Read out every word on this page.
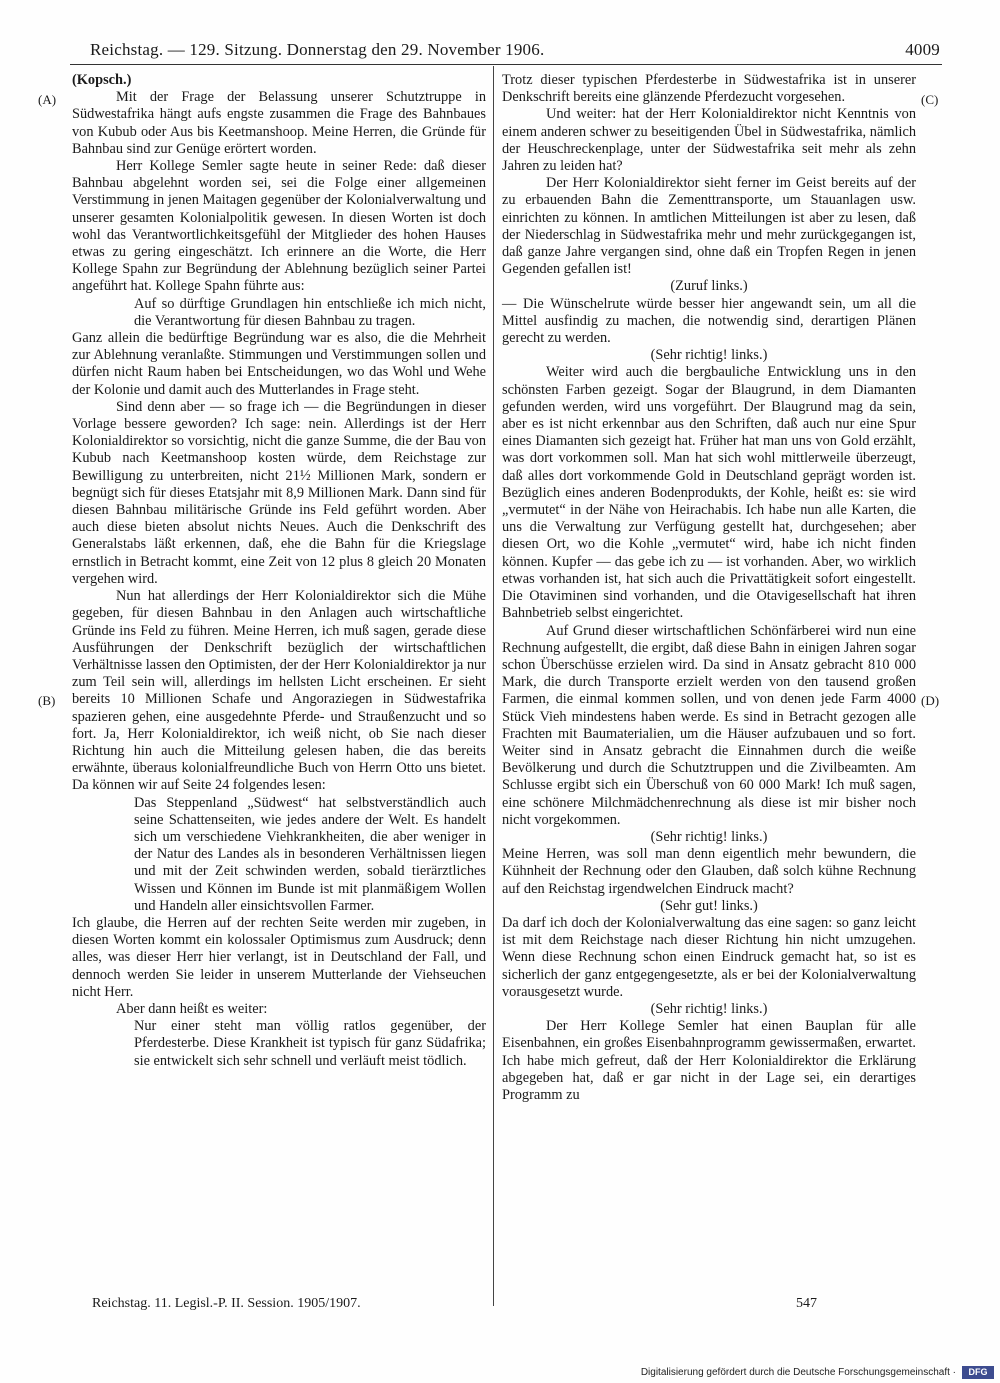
Reichstag. — 129. Sitzung. Donnerstag den 29. November 1906.	4009
(A)
(B)
(C)
(D)

(Kopsch.)

Mit der Frage der Belassung unserer Schutztruppe in Südwestafrika hängt aufs engste zusammen die Frage des Bahnbaues von Kubub oder Aus bis Keetmanshoop. Meine Herren, die Gründe für Bahnbau sind zur Genüge erörtert worden.

Herr Kollege Semler sagte heute in seiner Rede: daß dieser Bahnbau abgelehnt worden sei, sei die Folge einer allgemeinen Verstimmung in jenen Maitagen gegenüber der Kolonialverwaltung und unserer gesamten Kolonialpolitik gewesen. In diesen Worten ist doch wohl das Verantwortlichkeitsgefühl der Mitglieder des hohen Hauses etwas zu gering eingeschätzt. Ich erinnere an die Worte, die Herr Kollege Spahn zur Begründung der Ablehnung bezüglich seiner Partei angeführt hat. Kollege Spahn führte aus:

Auf so dürftige Grundlagen hin entschließe ich mich nicht, die Verantwortung für diesen Bahnbau zu tragen.

Ganz allein die bedürftige Begründung war es also, die die Mehrheit zur Ablehnung veranlaßte. Stimmungen und Verstimmungen sollen und dürfen nicht Raum haben bei Entscheidungen, wo das Wohl und Wehe der Kolonie und damit auch des Mutterlandes in Frage steht.

Sind denn aber — so frage ich — die Begründungen in dieser Vorlage bessere geworden? Ich sage: nein. Allerdings ist der Herr Kolonialdirektor so vorsichtig, nicht die ganze Summe, die der Bau von Kubub nach Keetmanshoop kosten würde, dem Reichstage zur Bewilligung zu unterbreiten, nicht 21½ Millionen Mark, sondern er begnügt sich für dieses Etatsjahr mit 8,9 Millionen Mark. Dann sind für diesen Bahnbau militärische Gründe ins Feld geführt worden. Aber auch diese bieten absolut nichts Neues. Auch die Denkschrift des Generalstabs läßt erkennen, daß, ehe die Bahn für die Kriegslage ernstlich in Betracht kommt, eine Zeit von 12 plus 8 gleich 20 Monaten vergehen wird.

Nun hat allerdings der Herr Kolonialdirektor sich die Mühe gegeben, für diesen Bahnbau in den Anlagen auch wirtschaftliche Gründe ins Feld zu führen. Meine Herren, ich muß sagen, gerade diese Ausführungen der Denkschrift bezüglich der wirtschaftlichen Verhältnisse lassen den Optimisten, der der Herr Kolonialdirektor ja nur zum Teil sein will, allerdings im hellsten Licht erscheinen. Er sieht bereits 10 Millionen Schafe und Angoraziegen in Südwestafrika spazieren gehen, eine ausgedehnte Pferde- und Straußenzucht und so fort. Ja, Herr Kolonialdirektor, ich weiß nicht, ob Sie nach dieser Richtung hin auch die Mitteilung gelesen haben, die das bereits erwähnte, überaus kolonialfreundliche Buch von Herrn Otto uns bietet. Da können wir auf Seite 24 folgendes lesen:

Das Steppenland „Südwest“ hat selbstverständlich auch seine Schattenseiten, wie jedes andere der Welt. Es handelt sich um verschiedene Viehkrankheiten, die aber weniger in der Natur des Landes als in besonderen Verhältnissen liegen und mit der Zeit schwinden werden, sobald tierärztliches Wissen und Können im Bunde ist mit planmäßigem Wollen und Handeln aller einsichtsvollen Farmer.

Ich glaube, die Herren auf der rechten Seite werden mir zugeben, in diesen Worten kommt ein kolossaler Optimismus zum Ausdruck; denn alles, was dieser Herr hier verlangt, ist in Deutschland der Fall, und dennoch werden Sie leider in unserem Mutterlande der Viehseuchen nicht Herr.

Aber dann heißt es weiter:

Nur einer steht man völlig ratlos gegenüber, der Pferdesterbe. Diese Krankheit ist typisch für ganz Südafrika; sie entwickelt sich sehr schnell und verläuft meist tödlich.

Trotz dieser typischen Pferdesterbe in Südwestafrika ist in unserer Denkschrift bereits eine glänzende Pferdezucht vorgesehen.

Und weiter: hat der Herr Kolonialdirektor nicht Kenntnis von einem anderen schwer zu beseitigenden Übel in Südwestafrika, nämlich der Heuschreckenplage, unter der Südwestafrika seit mehr als zehn Jahren zu leiden hat?

Der Herr Kolonialdirektor sieht ferner im Geist bereits auf der zu erbauenden Bahn die Zementtransporte, um Stauanlagen usw. einrichten zu können. In amtlichen Mitteilungen ist aber zu lesen, daß der Niederschlag in Südwestafrika mehr und mehr zurückgegangen ist, daß ganze Jahre vergangen sind, ohne daß ein Tropfen Regen in jenen Gegenden gefallen ist!

(Zuruf links.)

— Die Wünschelrute würde besser hier angewandt sein, um all die Mittel ausfindig zu machen, die notwendig sind, derartigen Plänen gerecht zu werden.

(Sehr richtig! links.)

Weiter wird auch die bergbauliche Entwicklung uns in den schönsten Farben gezeigt. Sogar der Blaugrund, in dem Diamanten gefunden werden, wird uns vorgeführt. Der Blaugrund mag da sein, aber es ist nicht erkennbar aus den Schriften, daß auch nur eine Spur eines Diamanten sich gezeigt hat. Früher hat man uns von Gold erzählt, was dort vorkommen soll. Man hat sich wohl mittlerweile überzeugt, daß alles dort vorkommende Gold in Deutschland geprägt worden ist. Bezüglich eines anderen Bodenprodukts, der Kohle, heißt es: sie wird „vermutet“ in der Nähe von Heirachabis. Ich habe nun alle Karten, die uns die Verwaltung zur Verfügung gestellt hat, durchgesehen; aber diesen Ort, wo die Kohle „vermutet“ wird, habe ich nicht finden können. Kupfer — das gebe ich zu — ist vorhanden. Aber, wo wirklich etwas vorhanden ist, hat sich auch die Privattätigkeit sofort eingestellt. Die Otaviminen sind vorhanden, und die Otavigesellschaft hat ihren Bahnbetrieb selbst eingerichtet.

Auf Grund dieser wirtschaftlichen Schönfärberei wird nun eine Rechnung aufgestellt, die ergibt, daß diese Bahn in einigen Jahren sogar schon Überschüsse erzielen wird. Da sind in Ansatz gebracht 810 000 Mark, die durch Transporte erzielt werden von den tausend großen Farmen, die einmal kommen sollen, und von denen jede Farm 4000 Stück Vieh mindestens haben werde. Es sind in Betracht gezogen alle Frachten mit Baumaterialien, um die Häuser aufzubauen und so fort. Weiter sind in Ansatz gebracht die Einnahmen durch die weiße Bevölkerung und durch die Schutztruppen und die Zivilbeamten. Am Schlusse ergibt sich ein Überschuß von 60 000 Mark! Ich muß sagen, eine schönere Milchmädchenrechnung als diese ist mir bisher noch nicht vorgekommen.

(Sehr richtig! links.)

Meine Herren, was soll man denn eigentlich mehr bewundern, die Kühnheit der Rechnung oder den Glauben, daß solch kühne Rechnung auf den Reichstag irgendwelchen Eindruck macht?

(Sehr gut! links.)

Da darf ich doch der Kolonialverwaltung das eine sagen: so ganz leicht ist mit dem Reichstage nach dieser Richtung hin nicht umzugehen. Wenn diese Rechnung schon einen Eindruck gemacht hat, so ist es sicherlich der ganz entgegengesetzte, als er bei der Kolonialverwaltung vorausgesetzt wurde.

(Sehr richtig! links.)

Der Herr Kollege Semler hat einen Bauplan für alle Eisenbahnen, ein großes Eisenbahnprogramm gewissermaßen, erwartet. Ich habe mich gefreut, daß der Herr Kolonialdirektor die Erklärung abgegeben hat, daß er gar nicht in der Lage sei, ein derartiges Programm zu

Reichstag. 11. Legisl.-P. II. Session. 1905/1907.	547
Digitalisierung gefördert durch die Deutsche Forschungsgemeinschaft ·	DFG
